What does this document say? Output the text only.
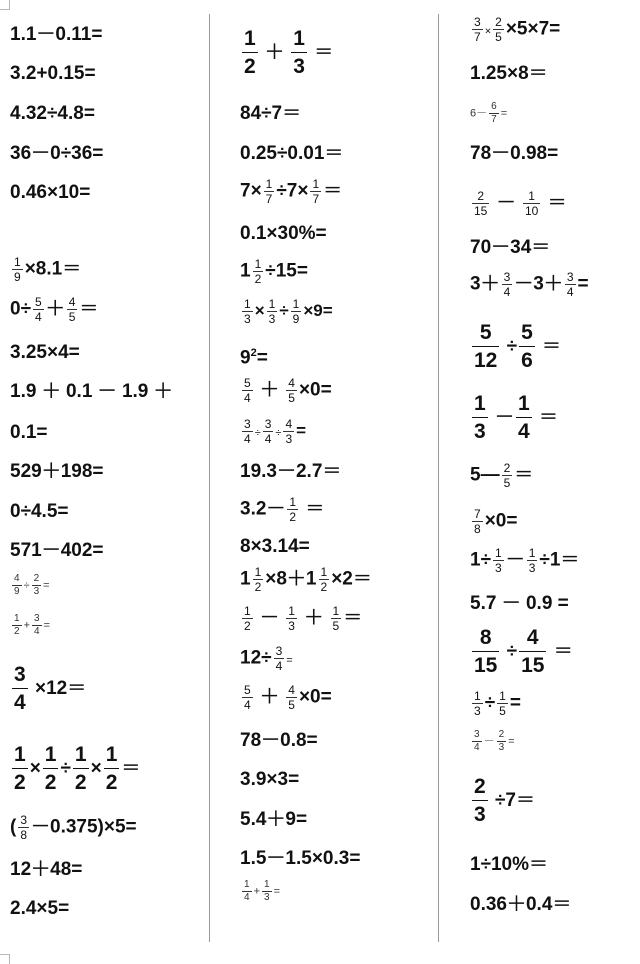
1.1－0.11=
3.2+0.15=
4.32÷4.8=
36－0÷36=
0.46×10=
$\frac{1}{9} \times 8.1=$
$0\div \frac{5}{4} + \frac{4}{5}$ ＝
3.25×4=
1.9 ＋ 0.1 － 1.9 ＋
0.1=
529＋198=
0÷4.5=
571－402=
$\frac{4}{9} \div \frac{2}{3}$ =
$\frac{1}{2} + \frac{3}{4}$ =
$\frac{3}{4} \times 12=$
$\frac{1}{2} \times \frac{1}{2} \div \frac{1}{2} \times \frac{1}{2}$ ＝
( $\frac{3}{8} -0.375)\times 5=$
12＋48=
2.4×5=
$\frac{1}{2} + \frac{1}{3}$ ＝
84÷7＝
0.25÷0.01＝
$7\times \frac{1}{7} \div 7\times \frac{1}{7}$ ＝
0.1×30%=
$1 \frac{1}{2} \div 15=$
$\frac{1}{3} \times \frac{1}{3} \div \frac{1}{9} \times 9=$
$9^2=$
$\frac{5}{4} + \frac{4}{5} \times 0=$
$\frac{3}{4} \div \frac{3}{4} \div \frac{4}{3}$ =
19.3－2.7＝
$3.2- \frac{1}{2}$ ＝
8×3.14=
$1 \frac{1}{2} \times 8+1 \frac{1}{2} \times 2=$
$\frac{1}{2} - \frac{1}{3} + \frac{1}{5}$ ＝
$12\div \frac{3}{4}$ =
$\frac{5}{4} + \frac{4}{5} \times 0=$
78－0.8=
3.9×3=
5.4＋9=
1.5－1.5×0.3=
$\frac{1}{4} + \frac{1}{3}$ =
$\frac{3}{7} \times \frac{2}{5} \times 5\times 7=$
1.25×8＝
$6- \frac{6}{7}$ =
78－0.98=
$\frac{2}{15} - \frac{1}{10}$ ＝
70－34＝
$3+ \frac{3}{4} -3+ \frac{3}{4}$ =
$\frac{5}{12} \div \frac{5}{6}$ ＝
$\frac{1}{3} - \frac{1}{4}$ ＝
5— $\frac{2}{5}$ ＝
$\frac{7}{8} \times 0=$
$1\div \frac{1}{3} - \frac{1}{3} \div 1=$
5.7 － 0.9 =
$\frac{8}{15} \div \frac{4}{15}$ ＝
$\frac{1}{3} \div \frac{1}{5}$ =
$\frac{3}{4} - \frac{2}{3}$ =
$\frac{2}{3} \div 7=$
1÷10%＝
0.36＋0.4＝
